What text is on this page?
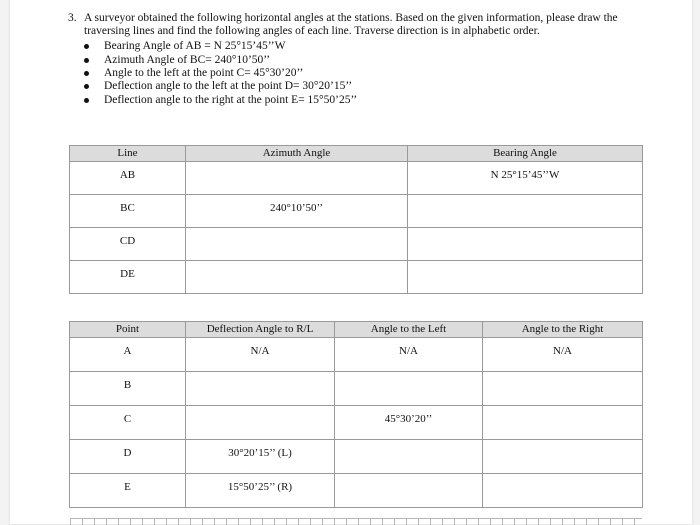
3. A surveyor obtained the following horizontal angles at the stations. Based on the given information, please draw the traversing lines and find the following angles of each line. Traverse direction is in alphabetic order.

Bearing Angle of AB = N 25°15’45’’W
Azimuth Angle of BC= 240°10’50’’
Angle to the left at the point C= 45°30’20’’
Deflection angle to the left at the point D= 30°20’15’’
Deflection angle to the right at the point E= 15°50’25’’
Line	Azimuth Angle	Bearing Angle
AB		N 25°15’45’’W
BC	240°10’50’’	
CD		
DE		
Point	Deflection Angle to R/L	Angle to the Left	Angle to the Right
A	N/A	N/A	N/A
B			
C		45°30’20’’	
D	30°20’15’’ (L)		
E	15°50’25’’ (R)		
